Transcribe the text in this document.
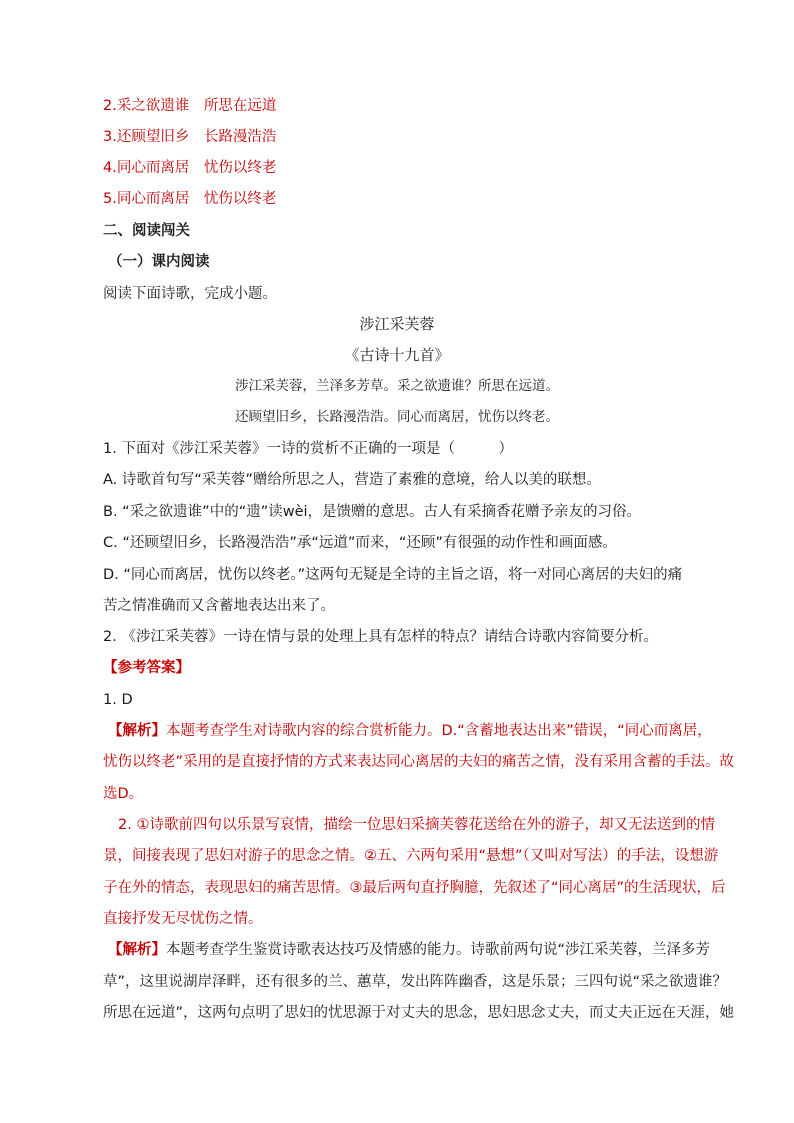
2.采之欲遗谁　所思在远道
3.还顾望旧乡　长路漫浩浩
4.同心而离居　忧伤以终老
5.同心而离居　忧伤以终老
二、阅读闯关
（一）课内阅读
阅读下面诗歌，完成小题。
涉江采芙蓉
《古诗十九首》
涉江采芙蓉，兰泽多芳草。采之欲遗谁？所思在远道。
还顾望旧乡，长路漫浩浩。同心而离居，忧伤以终老。
1. 下面对《涉江采芙蓉》一诗的赏析不正确的一项是（　　　）
A. 诗歌首句写“采芙蓉”赠给所思之人，营造了素雅的意境，给人以美的联想。
B. “采之欲遗谁”中的“遗”读wèi，是馈赠的意思。古人有采摘香花赠予亲友的习俗。
C. “还顾望旧乡，长路漫浩浩”承“远道”而来，“还顾”有很强的动作性和画面感。
D. “同心而离居，忧伤以终老。”这两句无疑是全诗的主旨之语，将一对同心离居的夫妇的痛
苦之情准确而又含蓄地表达出来了。
2. 《涉江采芙蓉》一诗在情与景的处理上具有怎样的特点？请结合诗歌内容简要分析。
【参考答案】
1. D
【解析】本题考查学生对诗歌内容的综合赏析能力。D.“含蓄地表达出来”错误，“同心而离居，
忧伤以终老”采用的是直接抒情的方式来表达同心离居的夫妇的痛苦之情，没有采用含蓄的手法。故
选D。
2. ①诗歌前四句以乐景写哀情，描绘一位思妇采摘芙蓉花送给在外的游子，却又无法送到的情
景，间接表现了思妇对游子的思念之情。②五、六两句采用“悬想”（又叫对写法）的手法，设想游
子在外的情态，表现思妇的痛苦思情。③最后两句直抒胸臆，先叙述了“同心离居”的生活现状，后
直接抒发无尽忧伤之情。
【解析】本题考查学生鉴赏诗歌表达技巧及情感的能力。诗歌前两句说“涉江采芙蓉，兰泽多芳
草”，这里说湖岸泽畔，还有很多的兰、蕙草，发出阵阵幽香，这是乐景；三四句说“采之欲遗谁？
所思在远道”，这两句点明了思妇的忧思源于对丈夫的思念，思妇思念丈夫，而丈夫正远在天涯，她
